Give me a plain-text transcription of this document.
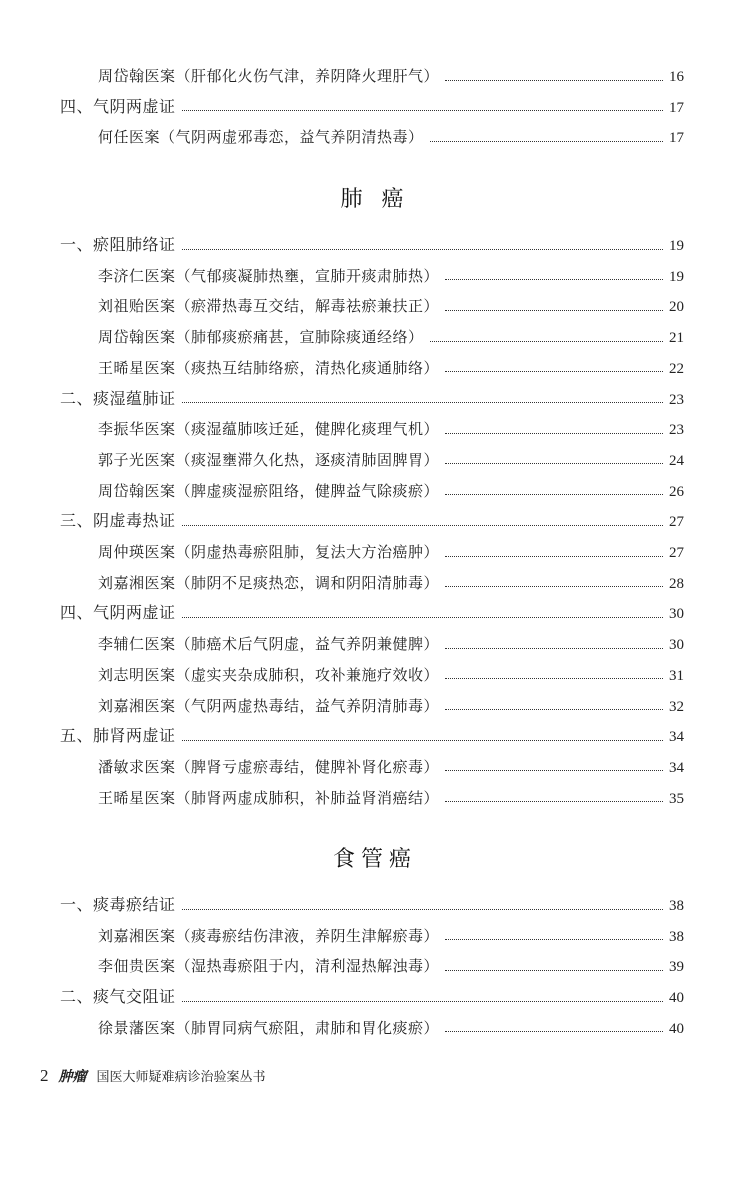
肺 癌
食管癌
周岱翰医案（肝郁化火伤气津，养阴降火理肝气）	16
四、气阴两虚证	17
何任医案（气阴两虚邪毒恋，益气养阴清热毒）	17
一、瘀阻肺络证	19
李济仁医案（气郁痰凝肺热壅，宣肺开痰肃肺热）	19
刘祖贻医案（瘀滞热毒互交结，解毒祛瘀兼扶正）	20
周岱翰医案（肺郁痰瘀痛甚，宣肺除痰通经络）	21
王晞星医案（痰热互结肺络瘀，清热化痰通肺络）	22
二、痰湿蕴肺证	23
李振华医案（痰湿蕴肺咳迁延，健脾化痰理气机）	23
郭子光医案（痰湿壅滞久化热，逐痰清肺固脾胃）	24
周岱翰医案（脾虚痰湿瘀阻络，健脾益气除痰瘀）	26
三、阴虚毒热证	27
周仲瑛医案（阴虚热毒瘀阻肺，复法大方治癌肿）	27
刘嘉湘医案（肺阴不足痰热恋，调和阴阳清肺毒）	28
四、气阴两虚证	30
李辅仁医案（肺癌术后气阴虚，益气养阴兼健脾）	30
刘志明医案（虚实夹杂成肺积，攻补兼施疗效收）	31
刘嘉湘医案（气阴两虚热毒结，益气养阴清肺毒）	32
五、肺肾两虚证	34
潘敏求医案（脾肾亏虚瘀毒结，健脾补肾化瘀毒）	34
王晞星医案（肺肾两虚成肺积，补肺益肾消癌结）	35
一、痰毒瘀结证	38
刘嘉湘医案（痰毒瘀结伤津液，养阴生津解瘀毒）	38
李佃贵医案（湿热毒瘀阻于内，清利湿热解浊毒）	39
二、痰气交阻证	40
徐景藩医案（肺胃同病气瘀阻，肃肺和胃化痰瘀）	40
2 肿瘤 国医大师疑难病诊治验案丛书
